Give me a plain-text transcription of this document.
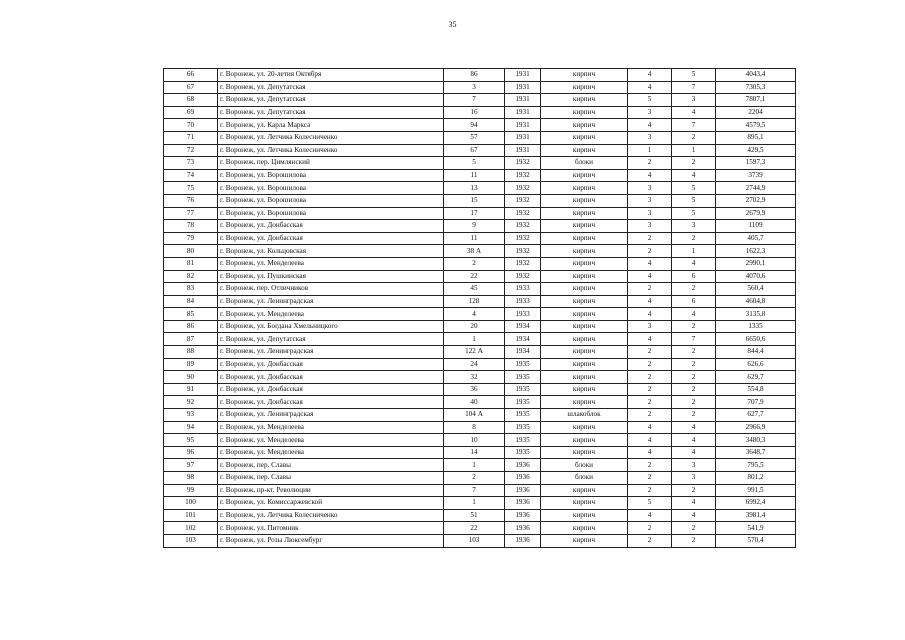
35
66	г. Воронеж, ул. 20-летия Октября	86	1931	кирпич	4	5	4043,4
67	г. Воронеж, ул. Депутатская	3	1931	кирпич	4	7	7305,3
68	г. Воронеж, ул. Депутатская	7	1931	кирпич	5	3	7807,1
69	г. Воронеж, ул. Депутатская	16	1931	кирпич	3	4	2204
70	г. Воронеж, ул. Карла Маркса	94	1931	кирпич	4	7	4579,5
71	г. Воронеж, ул. Летчика Колесниченко	57	1931	кирпич	3	2	895,1
72	г. Воронеж, ул. Летчика Колесниченко	67	1931	кирпич	1	1	429,5
73	г. Воронеж, пер. Цимлянский	5	1932	блоки	2	2	1597,3
74	г. Воронеж, ул. Ворошилова	11	1932	кирпич	4	4	3739
75	г. Воронеж, ул. Ворошилова	13	1932	кирпич	3	5	2744,9
76	г. Воронеж, ул. Ворошилова	15	1932	кирпич	3	5	2702,9
77	г. Воронеж, ул. Ворошилова	17	1932	кирпич	3	5	2679,9
78	г. Воронеж, ул. Донбасская	9	1932	кирпич	3	3	1109
79	г. Воронеж, ул. Донбасская	11	1932	кирпич	2	2	405,7
80	г. Воронеж, ул. Кольцовская	38 А	1932	кирпич	2	1	1622,3
81	г. Воронеж, ул. Менделеева	2	1932	кирпич	4	4	2990,1
82	г. Воронеж, ул. Пушкинская	22	1932	кирпич	4	6	4070,6
83	г. Воронеж, пер. Отличников	45	1933	кирпич	2	2	560,4
84	г. Воронеж, ул. Ленинградская	128	1933	кирпич	4	6	4604,8
85	г. Воронеж, ул. Менделеева	4	1933	кирпич	4	4	3135,8
86	г. Воронеж, ул. Богдана Хмельницкого	20	1934	кирпич	3	2	1335
87	г. Воронеж, ул. Депутатская	1	1934	кирпич	4	7	6650,6
88	г. Воронеж, ул. Ленинградская	122 А	1934	кирпич	2	2	844,4
89	г. Воронеж, ул. Донбасская	24	1935	кирпич	2	2	626,6
90	г. Воронеж, ул. Донбасская	32	1935	кирпич	2	2	629,7
91	г. Воронеж, ул. Донбасская	36	1935	кирпич	2	2	554,8
92	г. Воронеж, ул. Донбасская	40	1935	кирпич	2	2	707,9
93	г. Воронеж, ул. Ленинградская	104 А	1935	шлакоблок	2	2	627,7
94	г. Воронеж, ул. Менделеева	8	1935	кирпич	4	4	2966,9
95	г. Воронеж, ул. Менделеева	10	1935	кирпич	4	4	3480,3
96	г. Воронеж, ул. Менделеева	14	1935	кирпич	4	4	3648,7
97	г. Воронеж, пер. Славы	1	1936	блоки	2	3	795,5
98	г. Воронеж, пер. Славы	2	1936	блоки	2	3	801,2
99	г. Воронеж, пр-кт. Революции	7	1936	кирпич	2	2	991,5
100	г. Воронеж, ул. Комиссаржевской	1	1936	кирпич	5	4	6992,4
101	г. Воронеж, ул. Летчика Колесниченко	51	1936	кирпич	4	4	3981,4
102	г. Воронеж, ул. Питомник	22	1936	кирпич	2	2	541,9
103	г. Воронеж, ул. Розы Люксембург	103	1936	кирпич	2	2	570,4
